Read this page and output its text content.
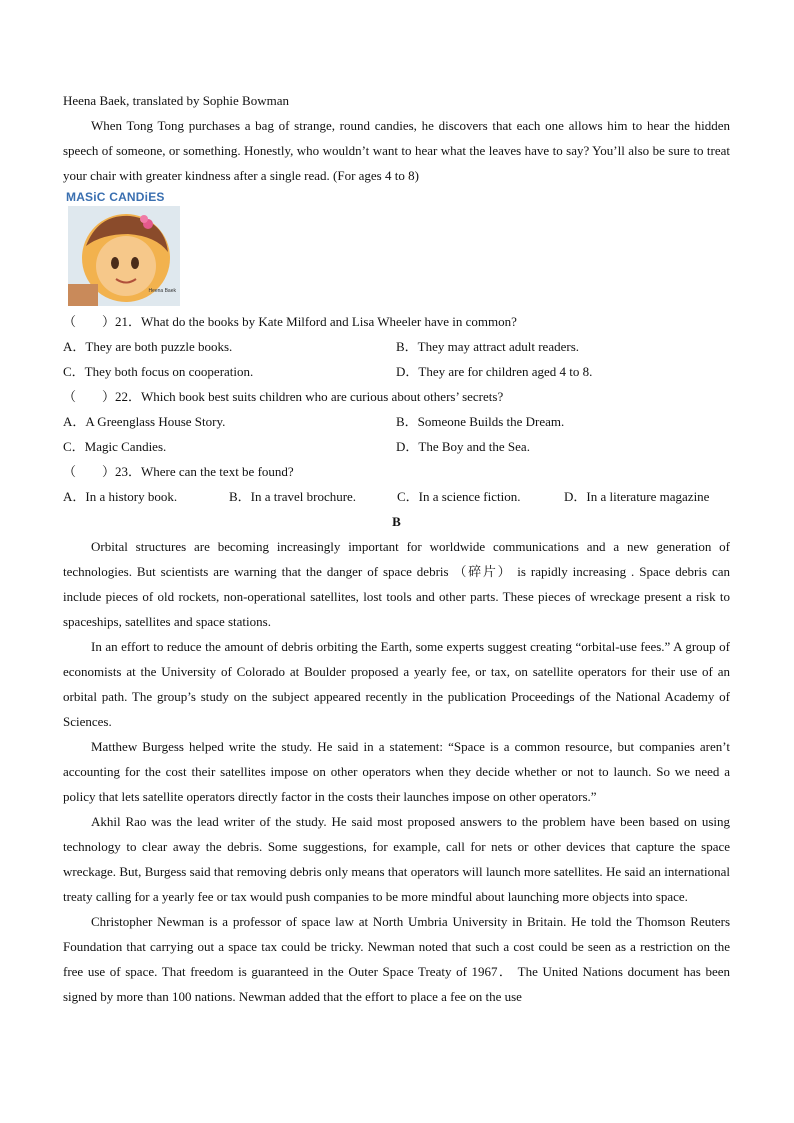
Heena Baek, translated by Sophie Bowman
When Tong Tong purchases a bag of strange, round candies, he discovers that each one allows him to hear the hidden speech of someone, or something. Honestly, who wouldn’t want to hear what the leaves have to say? You’ll also be sure to treat your chair with greater kindness after a single read. (For ages 4 to 8)
MASiC CANDiES
Heena Baek
（　　）21．What do the books by Kate Milford and Lisa Wheeler have in common?
A．They are both puzzle books.	B．They may attract adult readers.
C．They both focus on cooperation.	D．They are for children aged 4 to 8.
（　　）22．Which book best suits children who are curious about others’ secrets?
A．A Greenglass House Story.	B．Someone Builds the Dream.
C．Magic Candies.	D．The Boy and the Sea.
（　　）23．Where can the text be found?
A．In a history book.	B．In a travel brochure.	C．In a science fiction.	D．In a literature magazine
B
Orbital structures are becoming increasingly important for worldwide communications and a new generation of technologies. But scientists are warning that the danger of space debris （碎片） is rapidly increasing . Space debris can include pieces of old rockets, non-operational satellites, lost tools and other parts. These pieces of wreckage present a risk to spaceships, satellites and space stations.
In an effort to reduce the amount of debris orbiting the Earth, some experts suggest creating “orbital-use fees.” A group of economists at the University of Colorado at Boulder proposed a yearly fee, or tax, on satellite operators for their use of an orbital path. The group’s study on the subject appeared recently in the publication Proceedings of the National Academy of Sciences.
Matthew Burgess helped write the study. He said in a statement: “Space is a common resource, but companies aren’t accounting for the cost their satellites impose on other operators when they decide whether or not to launch. So we need a policy that lets satellite operators directly factor in the costs their launches impose on other operators.”
Akhil Rao was the lead writer of the study. He said most proposed answers to the problem have been based on using technology to clear away the debris. Some suggestions, for example, call for nets or other devices that capture the space wreckage. But, Burgess said that removing debris only means that operators will launch more satellites. He said an international treaty calling for a yearly fee or tax would push companies to be more mindful about launching more objects into space.
Christopher Newman is a professor of space law at North Umbria University in Britain. He told the Thomson Reuters Foundation that carrying out a space tax could be tricky. Newman noted that such a cost could be seen as a restriction on the free use of space. That freedom is guaranteed in the Outer Space Treaty of 1967． The United Nations document has been signed by more than 100 nations. Newman added that the effort to place a fee on the use
